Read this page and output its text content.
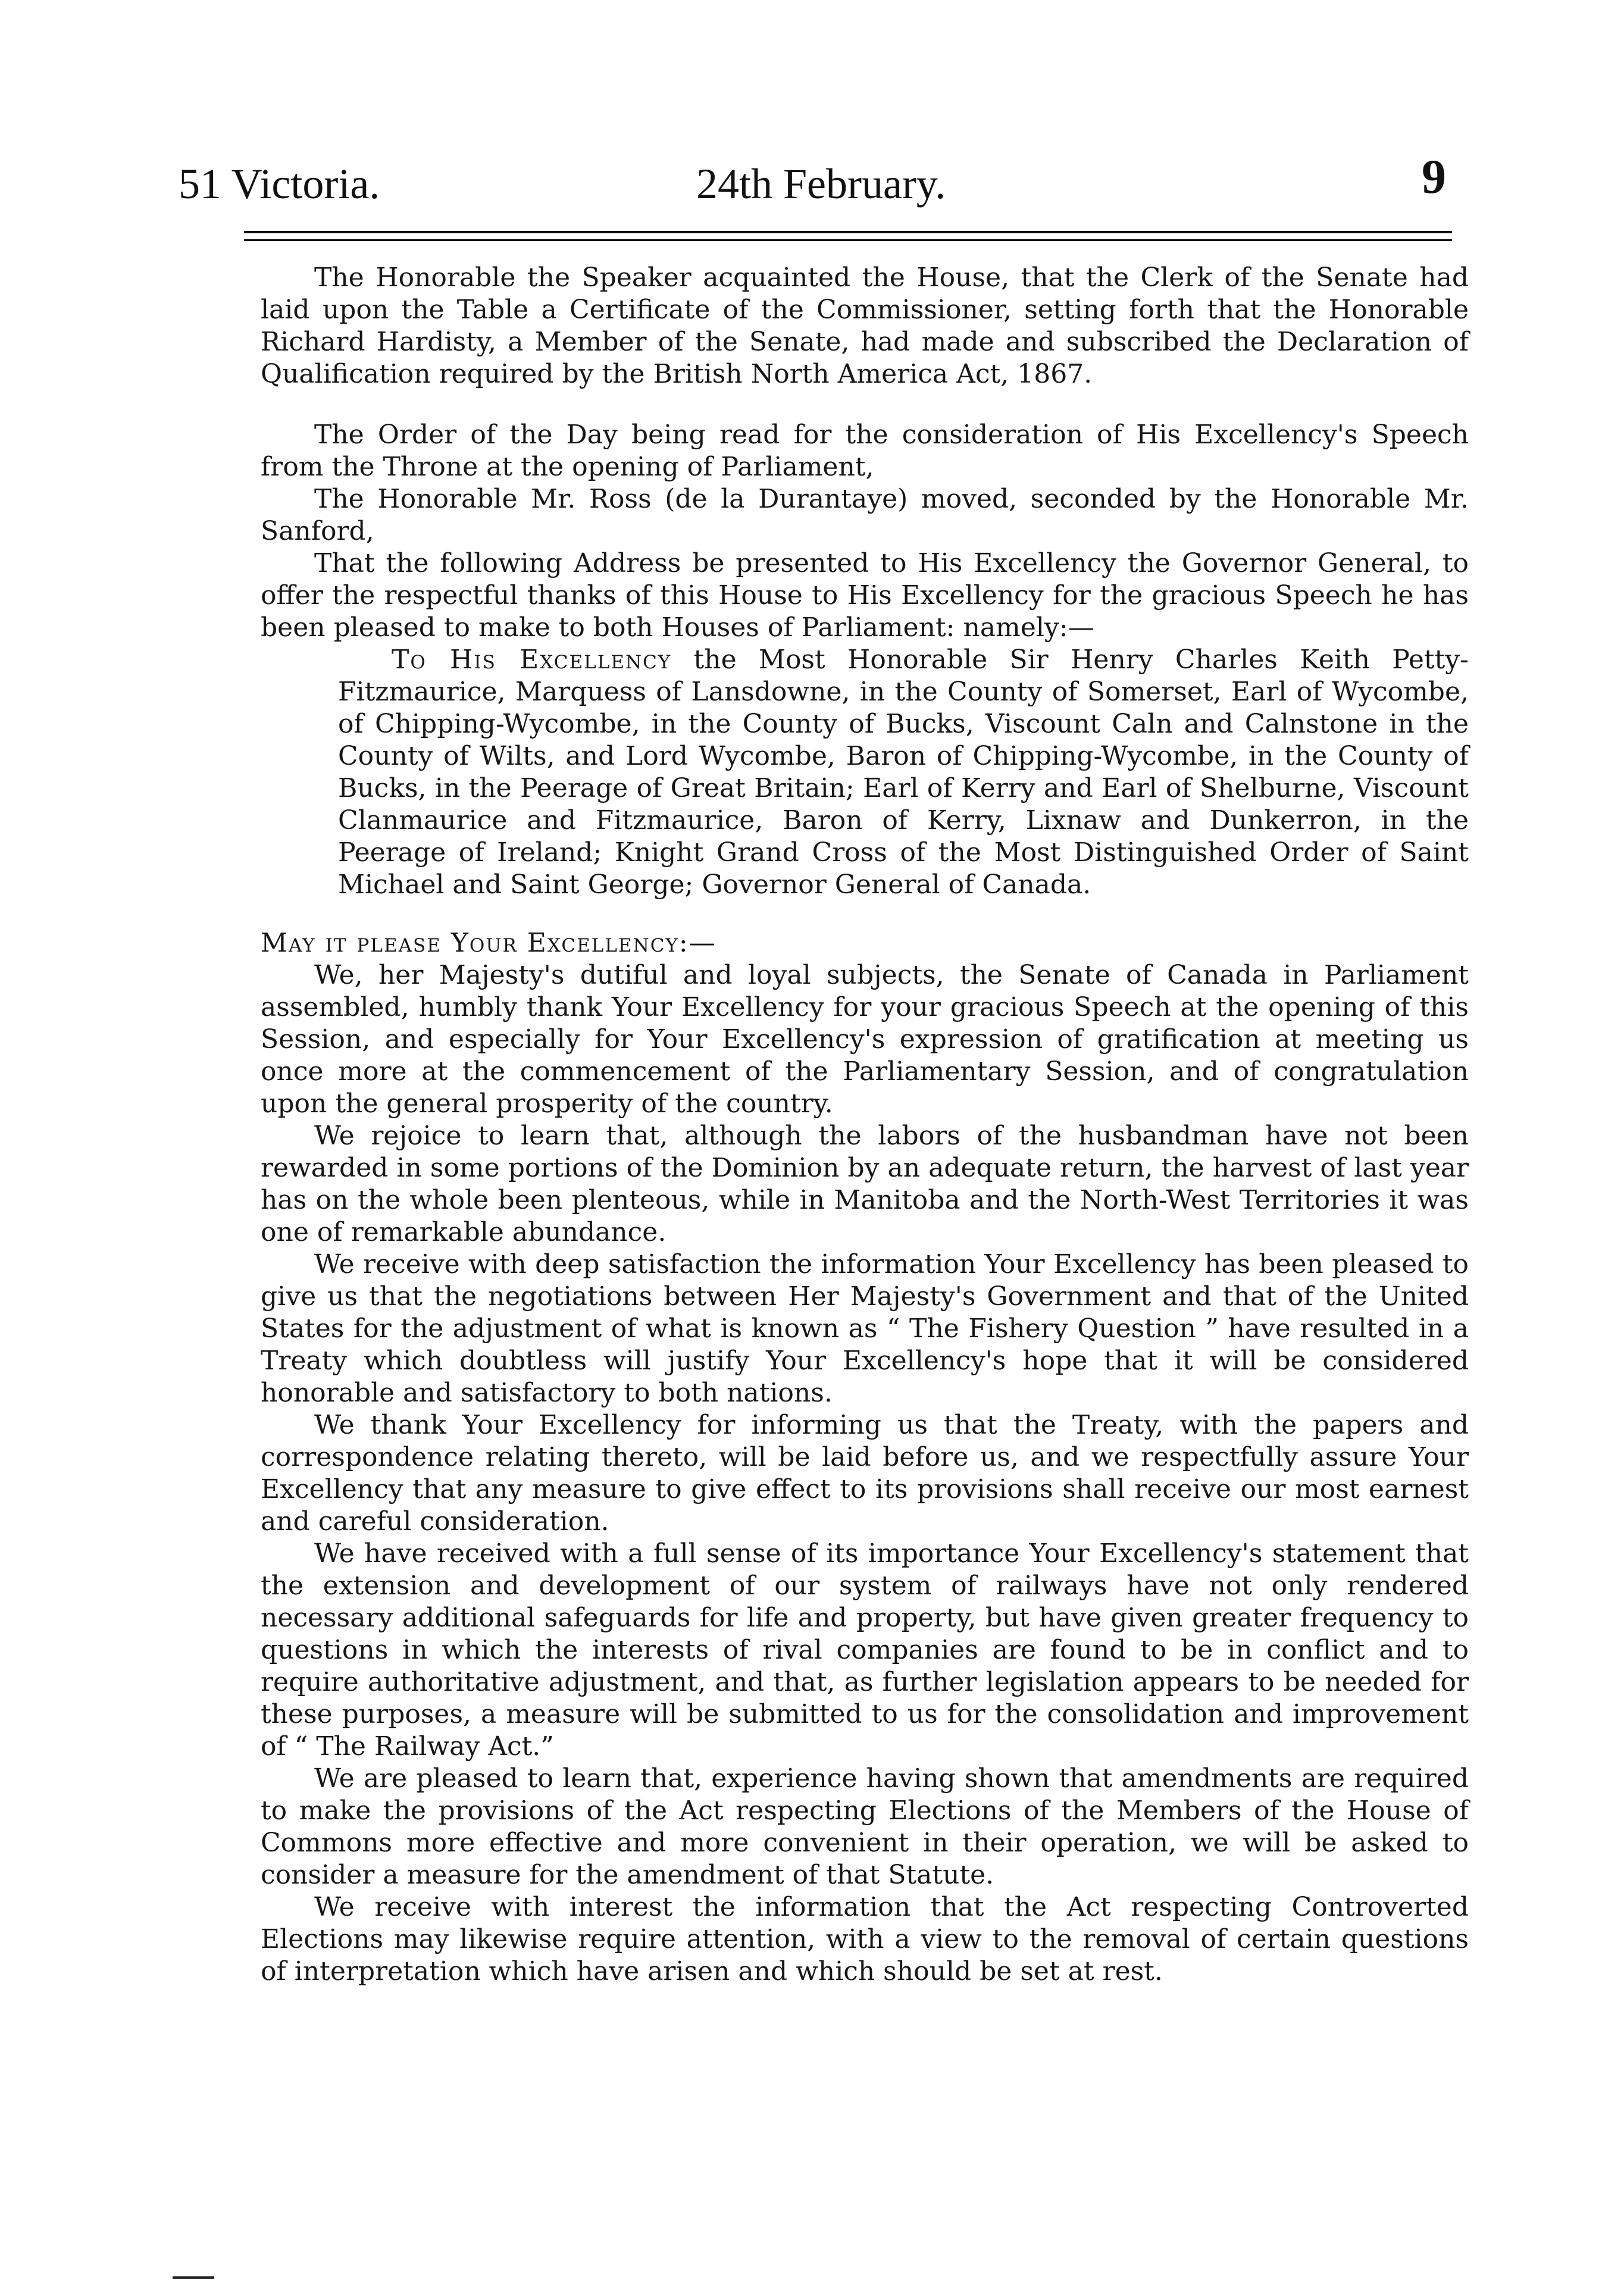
51 Victoria.	24th February.	9

The Honorable the Speaker acquainted the House, that the Clerk of the Senate had laid upon the Table a Certificate of the Commissioner, setting forth that the Honorable Richard Hardisty, a Member of the Senate, had made and subscribed the Declaration of Qualification required by the British North America Act, 1867.

The Order of the Day being read for the consideration of His Excellency's Speech from the Throne at the opening of Parliament,

The Honorable Mr. Ross (de la Durantaye) moved, seconded by the Honorable Mr. Sanford,

That the following Address be presented to His Excellency the Governor General, to offer the respectful thanks of this House to His Excellency for the gracious Speech he has been pleased to make to both Houses of Parliament: namely:—

To His Excellency the Most Honorable Sir Henry Charles Keith Petty-Fitzmaurice, Marquess of Lansdowne, in the County of Somerset, Earl of Wycombe, of Chipping-Wycombe, in the County of Bucks, Viscount Caln and Calnstone in the County of Wilts, and Lord Wycombe, Baron of Chipping-Wycombe, in the County of Bucks, in the Peerage of Great Britain; Earl of Kerry and Earl of Shelburne, Viscount Clanmaurice and Fitzmaurice, Baron of Kerry, Lixnaw and Dunkerron, in the Peerage of Ireland; Knight Grand Cross of the Most Distinguished Order of Saint Michael and Saint George; Governor General of Canada.

May it please Your Excellency:—

We, her Majesty's dutiful and loyal subjects, the Senate of Canada in Parliament assembled, humbly thank Your Excellency for your gracious Speech at the opening of this Session, and especially for Your Excellency's expression of gratification at meeting us once more at the commencement of the Parliamentary Session, and of congratulation upon the general prosperity of the country.

We rejoice to learn that, although the labors of the husbandman have not been rewarded in some portions of the Dominion by an adequate return, the harvest of last year has on the whole been plenteous, while in Manitoba and the North-West Territories it was one of remarkable abundance.

We receive with deep satisfaction the information Your Excellency has been pleased to give us that the negotiations between Her Majesty's Government and that of the United States for the adjustment of what is known as “ The Fishery Question ” have resulted in a Treaty which doubtless will justify Your Excellency's hope that it will be considered honorable and satisfactory to both nations.

We thank Your Excellency for informing us that the Treaty, with the papers and correspondence relating thereto, will be laid before us, and we respectfully assure Your Excellency that any measure to give effect to its provisions shall receive our most earnest and careful consideration.

We have received with a full sense of its importance Your Excellency's statement that the extension and development of our system of railways have not only rendered necessary additional safeguards for life and property, but have given greater frequency to questions in which the interests of rival companies are found to be in conflict and to require authoritative adjustment, and that, as further legislation appears to be needed for these purposes, a measure will be submitted to us for the consolidation and improvement of “ The Railway Act.”

We are pleased to learn that, experience having shown that amendments are required to make the provisions of the Act respecting Elections of the Members of the House of Commons more effective and more convenient in their operation, we will be asked to consider a measure for the amendment of that Statute.

We receive with interest the information that the Act respecting Controverted Elections may likewise require attention, with a view to the removal of certain questions of interpretation which have arisen and which should be set at rest.
